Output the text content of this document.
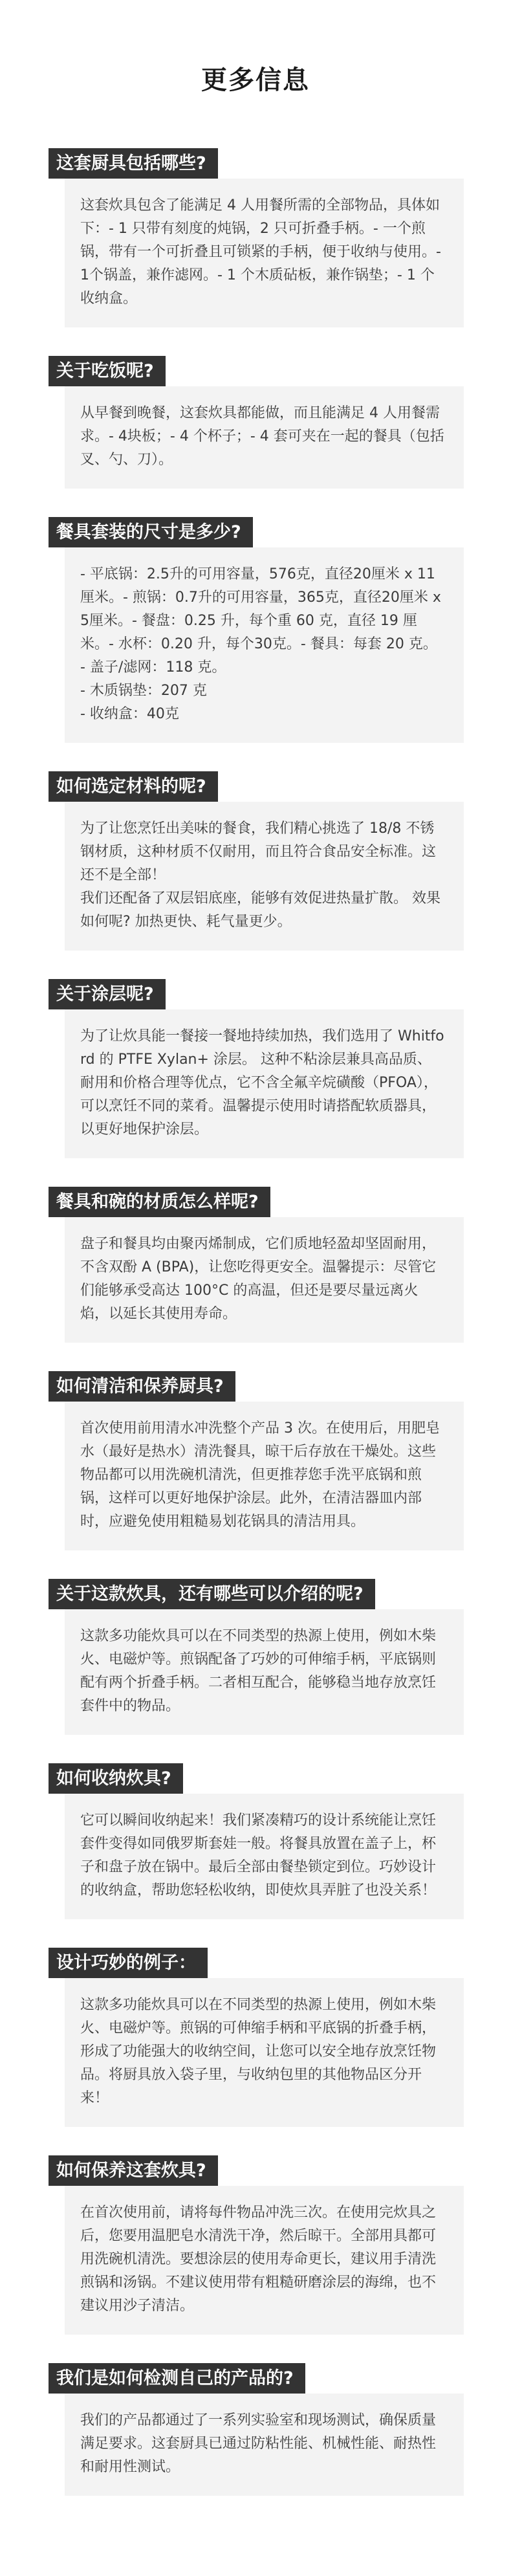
更多信息
这套厨具包括哪些?
这套炊具包含了能满足 4 人用餐所需的全部物品，具体如下：- 1 只带有刻度的炖锅，2 只可折叠手柄。- 一个煎锅，带有一个可折叠且可锁紧的手柄，便于收纳与使用。- 1个锅盖，兼作滤网。- 1 个木质砧板，兼作锅垫；- 1 个收纳盒。
关于吃饭呢?
从早餐到晚餐，这套炊具都能做，而且能满足 4 人用餐需求。- 4块板；- 4 个杯子；- 4 套可夹在一起的餐具（包括叉、勺、刀）。
餐具套装的尺寸是多少?
- 平底锅：2.5升的可用容量，576克，直径20厘米 x 11厘米。- 煎锅：0.7升的可用容量，365克，直径20厘米 x 5厘米。- 餐盘：0.25 升，每个重 60 克，直径 19 厘米。- 水杯：0.20 升，每个30克。- 餐具：每套 20 克。
- 盖子/滤网：118 克。
- 木质锅垫：207 克
- 收纳盒：40克
如何选定材料的呢?
为了让您烹饪出美味的餐食，我们精心挑选了 18/8 不锈钢材质，这种材质不仅耐用，而且符合食品安全标准。这还不是全部！
我们还配备了双层铝底座，能够有效促进热量扩散。 效果如何呢? 加热更快、耗气量更少。
关于涂层呢?
为了让炊具能一餐接一餐地持续加热，我们选用了 Whitford 的 PTFE Xylan+ 涂层。 这种不粘涂层兼具高品质、耐用和价格合理等优点，它不含全氟辛烷磺酸（PFOA）， 可以烹饪不同的菜肴。温馨提示使用时请搭配软质器具，以更好地保护涂层。
餐具和碗的材质怎么样呢?
盘子和餐具均由聚丙烯制成，它们质地轻盈却坚固耐用，不含双酚 A (BPA)，让您吃得更安全。温馨提示：尽管它们能够承受高达 100°C 的高温，但还是要尽量远离火焰，以延长其使用寿命。
如何清洁和保养厨具?
首次使用前用清水冲洗整个产品 3 次。在使用后，用肥皂水（最好是热水）清洗餐具，晾干后存放在干燥处。这些物品都可以用洗碗机清洗，但更推荐您手洗平底锅和煎锅，这样可以更好地保护涂层。此外，在清洁器皿内部时，应避免使用粗糙易划花锅具的清洁用具。
关于这款炊具，还有哪些可以介绍的呢?
这款多功能炊具可以在不同类型的热源上使用，例如木柴火、电磁炉等。煎锅配备了巧妙的可伸缩手柄，平底锅则配有两个折叠手柄。二者相互配合，能够稳当地存放烹饪套件中的物品。
如何收纳炊具?
它可以瞬间收纳起来！我们紧凑精巧的设计系统能让烹饪套件变得如同俄罗斯套娃一般。将餐具放置在盖子上，杯子和盘子放在锅中。最后全部由餐垫锁定到位。巧妙设计的收纳盒，帮助您轻松收纳，即使炊具弄脏了也没关系！
设计巧妙的例子：
这款多功能炊具可以在不同类型的热源上使用，例如木柴火、电磁炉等。煎锅的可伸缩手柄和平底锅的折叠手柄，形成了功能强大的收纳空间，让您可以安全地存放烹饪物品。将厨具放入袋子里，与收纳包里的其他物品区分开来！
如何保养这套炊具?
在首次使用前，请将每件物品冲洗三次。在使用完炊具之后，您要用温肥皂水清洗干净，然后晾干。全部用具都可用洗碗机清洗。要想涂层的使用寿命更长，建议用手清洗煎锅和汤锅。不建议使用带有粗糙研磨涂层的海绵，也不建议用沙子清洁。
我们是如何检测自己的产品的?
我们的产品都通过了一系列实验室和现场测试，确保质量满足要求。这套厨具已通过防粘性能、机械性能、耐热性和耐用性测试。
